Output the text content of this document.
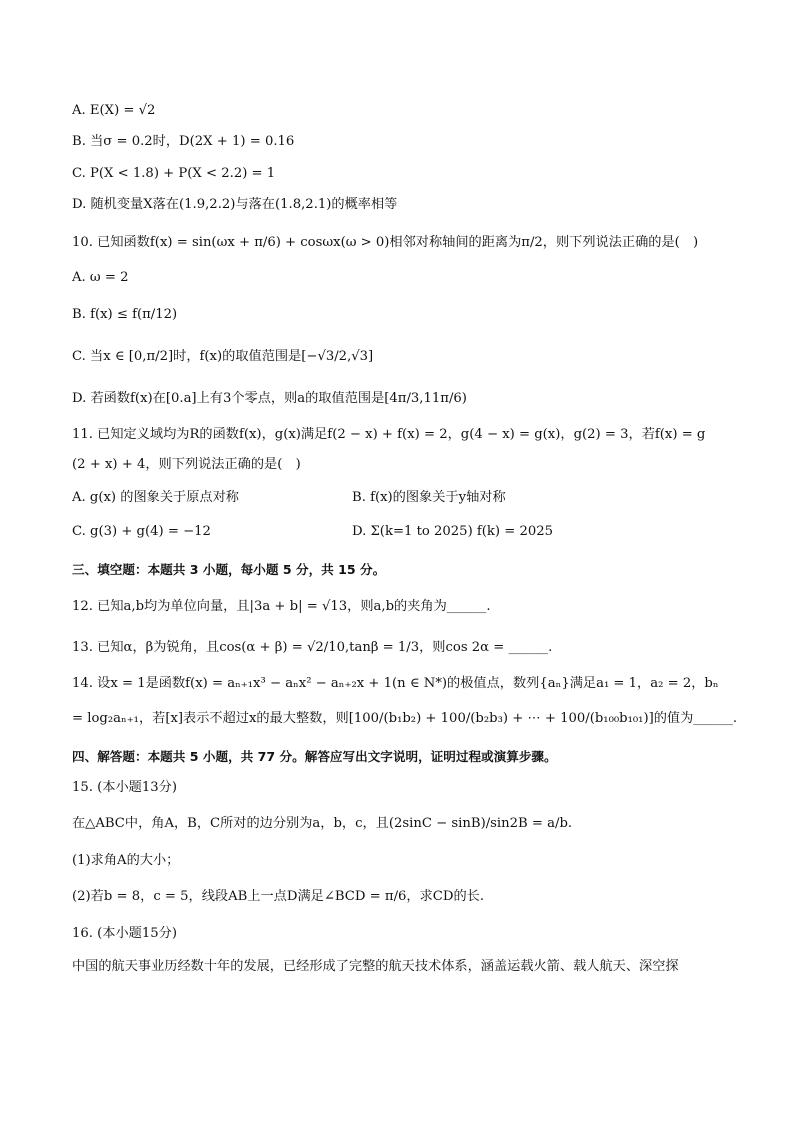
A. E(X) = √2
B. 当σ = 0.2时，D(2X + 1) = 0.16
C. P(X < 1.8) + P(X < 2.2) = 1
D. 随机变量X落在(1.9,2.2)与落在(1.8,2.1)的概率相等
10. 已知函数f(x) = sin(ωx + π/6) + cosωx(ω > 0)相邻对称轴间的距离为π/2，则下列说法正确的是(　)
A. ω = 2
B. f(x) ≤ f(π/12)
C. 当x ∈ [0,π/2]时，f(x)的取值范围是[−√3/2,√3]
D. 若函数f(x)在[0.a]上有3个零点，则a的取值范围是[4π/3,11π/6)
11. 已知定义域均为R的函数f(x)，g(x)满足f(2 − x) + f(x) = 2，g(4 − x) = g(x)，g(2) = 3，若f(x) = g
(2 + x) + 4，则下列说法正确的是(　)
A. g(x) 的图象关于原点对称	B. f(x)的图象关于y轴对称
C. g(3) + g(4) = −12	D. Σ(k=1 to 2025) f(k) = 2025
三、填空题：本题共 3 小题，每小题 5 分，共 15 分。
12. 已知a,b均为单位向量，且|3a + b| = √13，则a,b的夹角为______.
13. 已知α，β为锐角，且cos(α + β) = √2/10,tanβ = 1/3，则cos 2α = ______.
14. 设x = 1是函数f(x) = aₙ₊₁x³ − aₙx² − aₙ₊₂x + 1(n ∈ N*)的极值点，数列{aₙ}满足a₁ = 1，a₂ = 2，bₙ
= log₂aₙ₊₁，若[x]表示不超过x的最大整数，则[100/(b₁b₂) + 100/(b₂b₃) + ⋯ + 100/(b₁₀₀b₁₀₁)]的值为______.
四、解答题：本题共 5 小题，共 77 分。解答应写出文字说明，证明过程或演算步骤。
15. (本小题13分)
在△ABC中，角A，B，C所对的边分别为a，b，c，且(2sinC − sinB)/sin2B = a/b.
(1)求角A的大小；
(2)若b = 8，c = 5，线段AB上一点D满足∠BCD = π/6，求CD的长.
16. (本小题15分)
中国的航天事业历经数十年的发展，已经形成了完整的航天技术体系，涵盖运载火箭、载人航天、深空探
